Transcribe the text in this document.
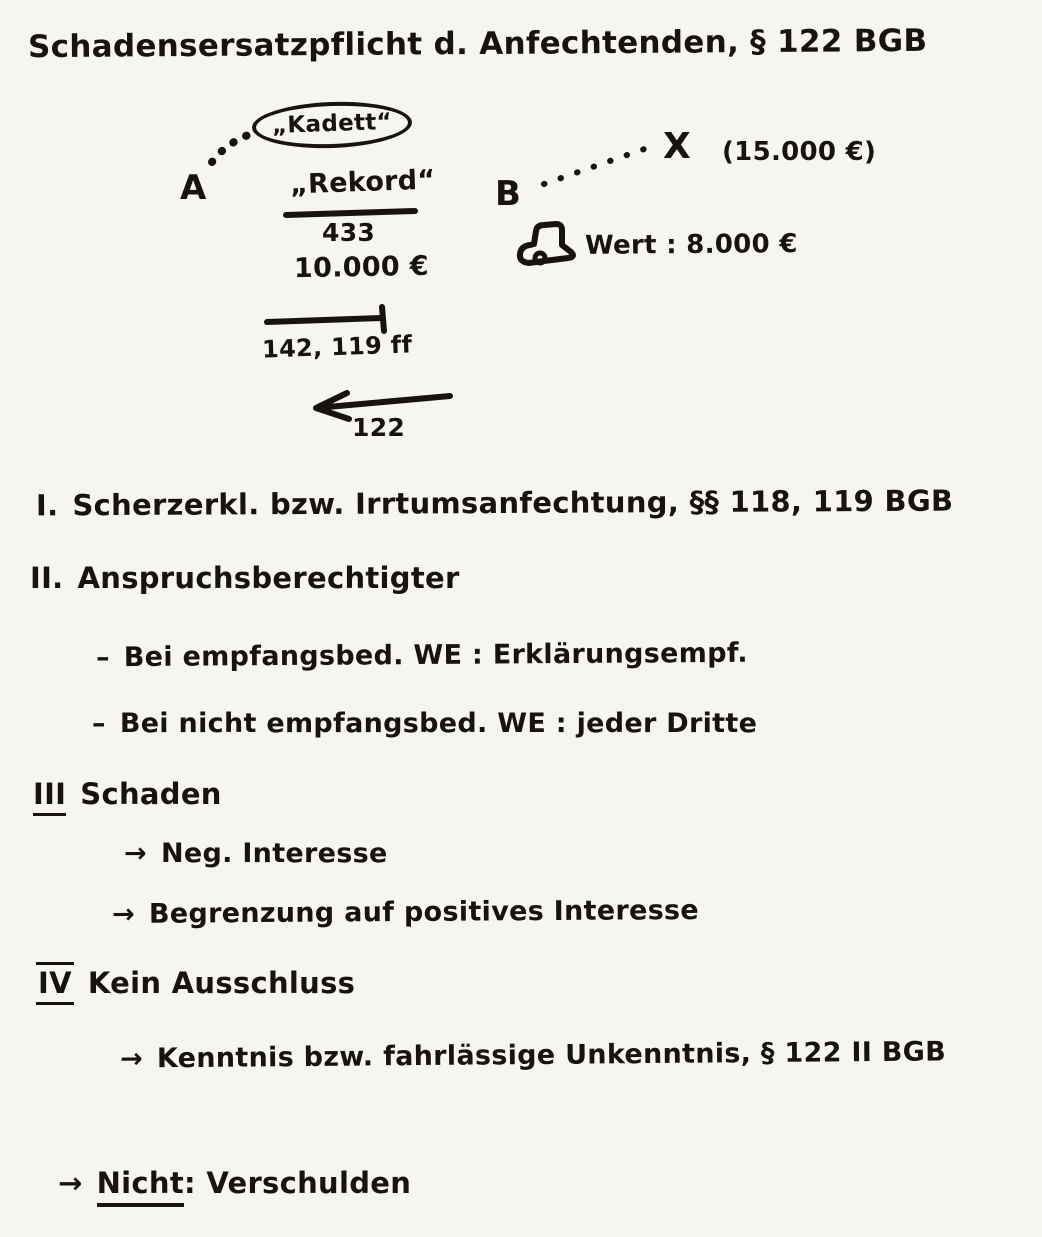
Schadensersatzpflicht d. Anfechtenden, § 122 BGB
„Kadett“
A	„Rekord“
433
10.000 €
142, 119 ff
122
B
X (15.000 €)
Wert : 8.000 €
I. Scherzerkl. bzw. Irrtumsanfechtung, §§ 118, 119 BGB
II. Anspruchsberechtigter
– Bei empfangsbed. WE : Erklärungsempf.
– Bei nicht empfangsbed. WE : jeder Dritte
III Schaden
→ Neg. Interesse
→ Begrenzung auf positives Interesse
IV Kein Ausschluss
→ Kenntnis bzw. fahrlässige Unkenntnis, § 122 II BGB
→ Nicht: Verschulden
